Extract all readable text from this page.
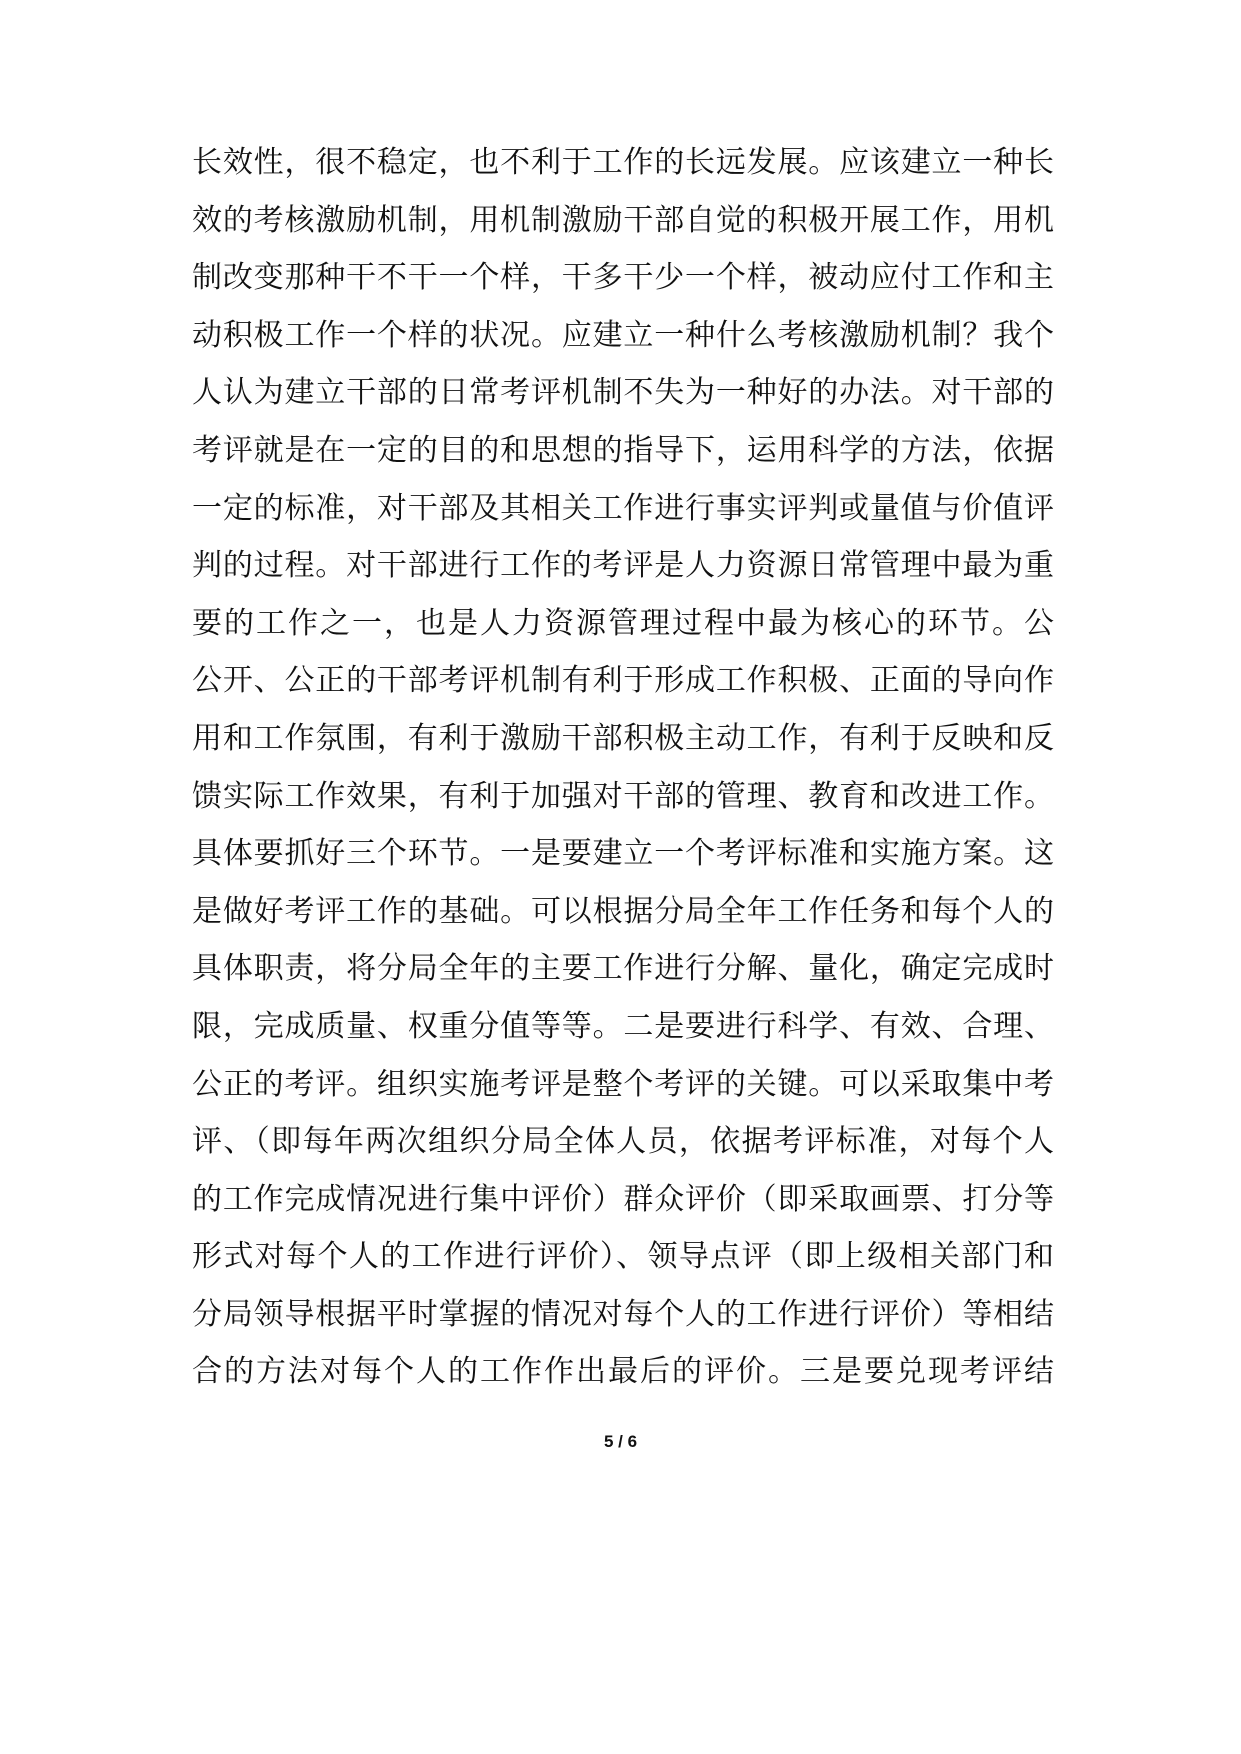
长效性，很不稳定，也不利于工作的长远发展。应该建立一种长
效的考核激励机制，用机制激励干部自觉的积极开展工作，用机
制改变那种干不干一个样，干多干少一个样，被动应付工作和主
动积极工作一个样的状况。应建立一种什么考核激励机制？我个
人认为建立干部的日常考评机制不失为一种好的办法。对干部的
考评就是在一定的目的和思想的指导下，运用科学的方法，依据
一定的标准，对干部及其相关工作进行事实评判或量值与价值评
判的过程。对干部进行工作的考评是人力资源日常管理中最为重
要的工作之一，也是人力资源管理过程中最为核心的环节。公
公开、公正的干部考评机制有利于形成工作积极、正面的导向作
用和工作氛围，有利于激励干部积极主动工作，有利于反映和反
馈实际工作效果，有利于加强对干部的管理、教育和改进工作。
具体要抓好三个环节。一是要建立一个考评标准和实施方案。这
是做好考评工作的基础。可以根据分局全年工作任务和每个人的
具体职责，将分局全年的主要工作进行分解、量化，确定完成时
限，完成质量、权重分值等等。二是要进行科学、有效、合理、
公正的考评。组织实施考评是整个考评的关键。可以采取集中考
评、（即每年两次组织分局全体人员，依据考评标准，对每个人
的工作完成情况进行集中评价）群众评价（即采取画票、打分等
形式对每个人的工作进行评价）、领导点评（即上级相关部门和
分局领导根据平时掌握的情况对每个人的工作进行评价）等相结
合的方法对每个人的工作作出最后的评价。三是要兑现考评结
5 / 6
